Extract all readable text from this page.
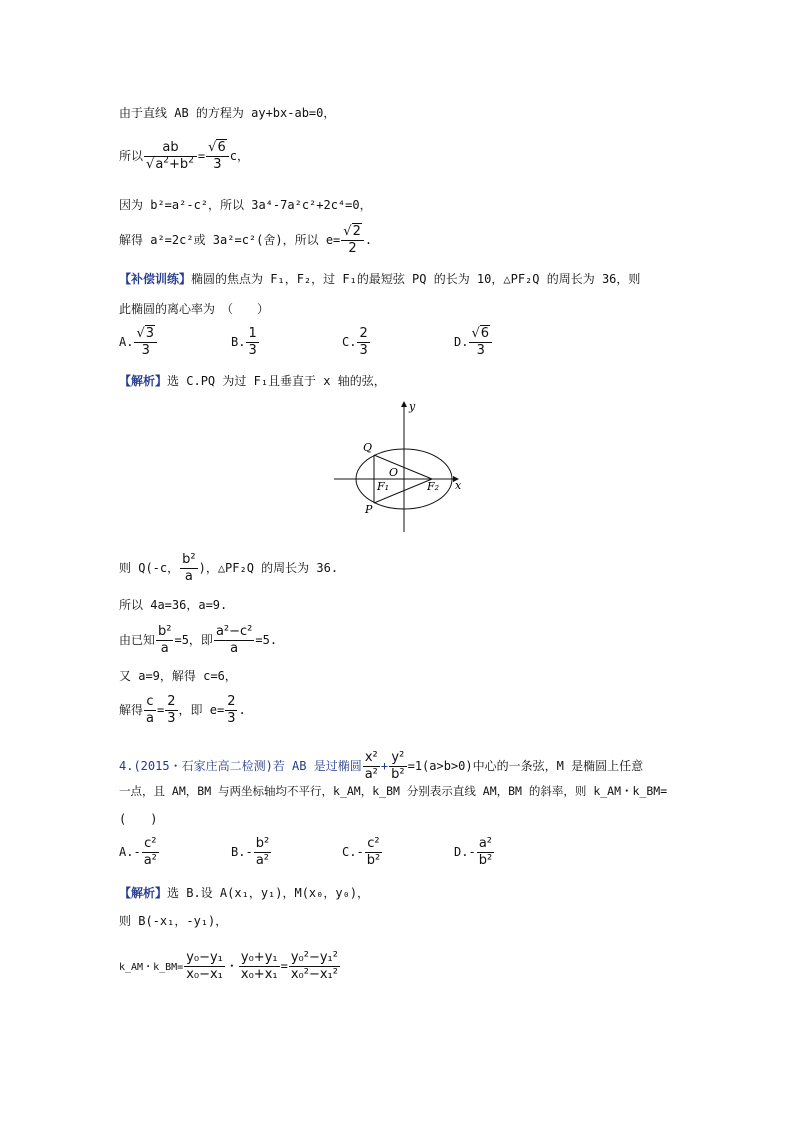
由于直线 AB 的方程为 ay+bx-ab=0，
所以 $\frac{ab}{√a^2+b^2} = \frac{√6}{3}$ c，
因为 b²=a²-c²，所以 3a⁴-7a²c²+2c⁴=0，
解得 a²=2c²或 3a²=c²(舍)，所以 $e= \frac{√2}{2}$ .
【补偿训练】椭圆的焦点为 F₁，F₂，过 F₁的最短弦 PQ 的长为 10，△PF₂Q 的周长为 36，则
此椭圆的离心率为　（　　）
A. $\frac{√3}{3}$	B. $\frac{1}{3}$	C. $\frac{2}{3}$	D. $\frac{√6}{3}$
【解析】选 C.PQ 为过 F₁且垂直于 x 轴的弦，
y
x
O
Q
P
F₁	F₂
则 Q(-c， $\frac{\text{b²}}{a}$ )，△PF₂Q 的周长为 36.
所以 4a=36，a=9.
由已知 $\frac{\text{b²}}{a} =5$，即 $\frac{\text{a²−c²}}{a} =5$.
又 a=9，解得 c=6，
解得 $\frac{c}{a} = \frac{2}{3}$ ，即 $e= \frac{2}{3}$ .
4.(2015・石家庄高二检测)若 AB 是过椭圆 $\frac{\text{x²}}{\text{a²}} + \frac{\text{y²}}{\text{b²}} =1(a>b>0)$中心的一条弦，M 是椭圆上任意
一点，且 AM，BM 与两坐标轴均不平行，k_AM，k_BM 分别表示直线 AM，BM 的斜率，则 k_AM・k_BM=
(　　)
$A.- \frac{\text{c²}}{\text{a²}}$	$B.- \frac{\text{b²}}{\text{a²}}$	$C.- \frac{\text{c²}}{\text{b²}}$	$D.- \frac{\text{a²}}{\text{b²}}$
【解析】选 B.设 A(x₁，y₁)，M(x₀，y₀)，
则 B(-x₁，-y₁)，
k_AM・k_BM= $\frac{\text{y₀−y₁}}{\text{x₀−x₁}}$ ・ $\frac{\text{y₀+y₁}}{\text{x₀+x₁}} = \frac{\text{y₀²−y₁²}}{\text{x₀²−x₁²}}$
